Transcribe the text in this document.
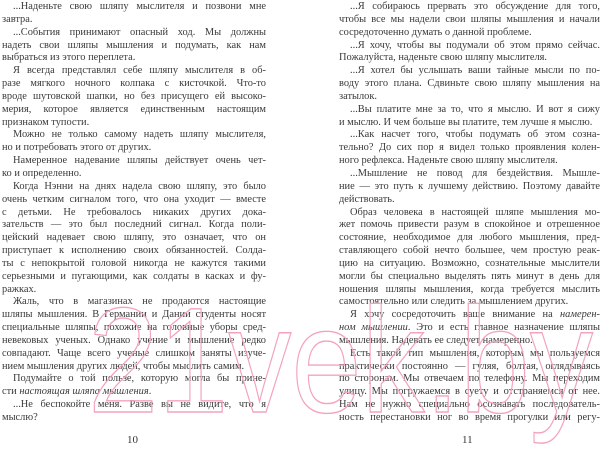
...Наденьте свою шляпу мыслителя и позвони мне
завтра.
...События принимают опасный ход. Мы должны
надеть свои шляпы мышления и подумать, как нам
выбраться из этого переплета.
Я всегда представлял себе шляпу мыслителя в об-
разе мягкого ночного колпака с кисточкой. Что-то
вроде шутовской шапки, но без присущего ей высоко-
мерия, которое является единственным настоящим
признаком тупости.
Можно не только самому надеть шляпу мыслителя,
но и потребовать этого от других.
Намеренное надевание шляпы действует очень чет-
ко и определенно.
Когда Нэнни на днях надела свою шляпу, это было
очень четким сигналом того, что она уходит — вместе
с детьми. Не требовалось никаких других дока-
зательств — это был последний сигнал. Когда поли-
цейский надевает свою шляпу, это означает, что он
приступает к исполнению своих обязанностей. Солда-
ты с непокрытой головой никогда не кажутся такими
серьезными и пугающими, как солдаты в касках и фу-
ражках.
Жаль, что в магазинах не продаются настоящие
шляпы мышления. В Германии и Дании студенты носят
специальные шляпы, похожие на головные уборы сред-
невековых ученых. Однако учение и мышление редко
совпадают. Чаще всего ученые слишком заняты изуче-
нием мышления других людей, чтобы мыслить самим.
Подумайте о той пользе, которую могла бы прине-
сти настоящая шляпа мышления.
...Не беспокойте меня. Разве вы не видите, что я
мыслю?
...Я собираюсь прервать это обсуждение для того,
чтобы все мы надели свои шляпы мышления и начали
сосредоточенно думать о данной проблеме.
...Я хочу, чтобы вы подумали об этом прямо сейчас.
Пожалуйста, наденьте свою шляпу мыслителя.
...Я хотел бы услышать ваши тайные мысли по по-
воду этого плана. Сдвиньте свою шляпу мышления на
затылок.
...Вы платите мне за то, что я мыслю. И вот я сижу
и мыслю. И чем больше вы платите, тем лучше я мыслю.
...Как насчет того, чтобы подумать об этом созна-
тельно? До сих пор я видел только проявления колен-
ного рефлекса. Наденьте свою шляпу мыслителя.
...Мышление не повод для бездействия. Мышле-
ние — это путь к лучшему действию. Поэтому давайте
действовать.
Образ человека в настоящей шляпе мышления мо-
жет помочь привести разум в спокойное и отрешенное
состояние, необходимое для любого мышления, пред-
ставляющего собой нечто большее, чем простую реак-
цию на ситуацию. Возможно, сознательные мыслители
могли бы специально выделять пять минут в день для
ношения шляпы мышления, когда требуется мыслить
самостоятельно или следить за мышлением других.
Я хочу сосредоточить ваше внимание на намерен-
ном мышлении. Это и есть главное назначение шляпы
мышления. Надевать ее следует намеренно.
Есть такой тип мышления, которым мы пользуемся
практически постоянно — гуляя, болтая, оглядываясь
по сторонам. Мы отвечаем по телефону. Мы переходим
улицу. Мы погружаемся в суету и отстраняемся от нее.
Нам не нужно специально осознавать последователь-
ность перестановки ног во время прогулки или регу-
10	11
21vek.by
